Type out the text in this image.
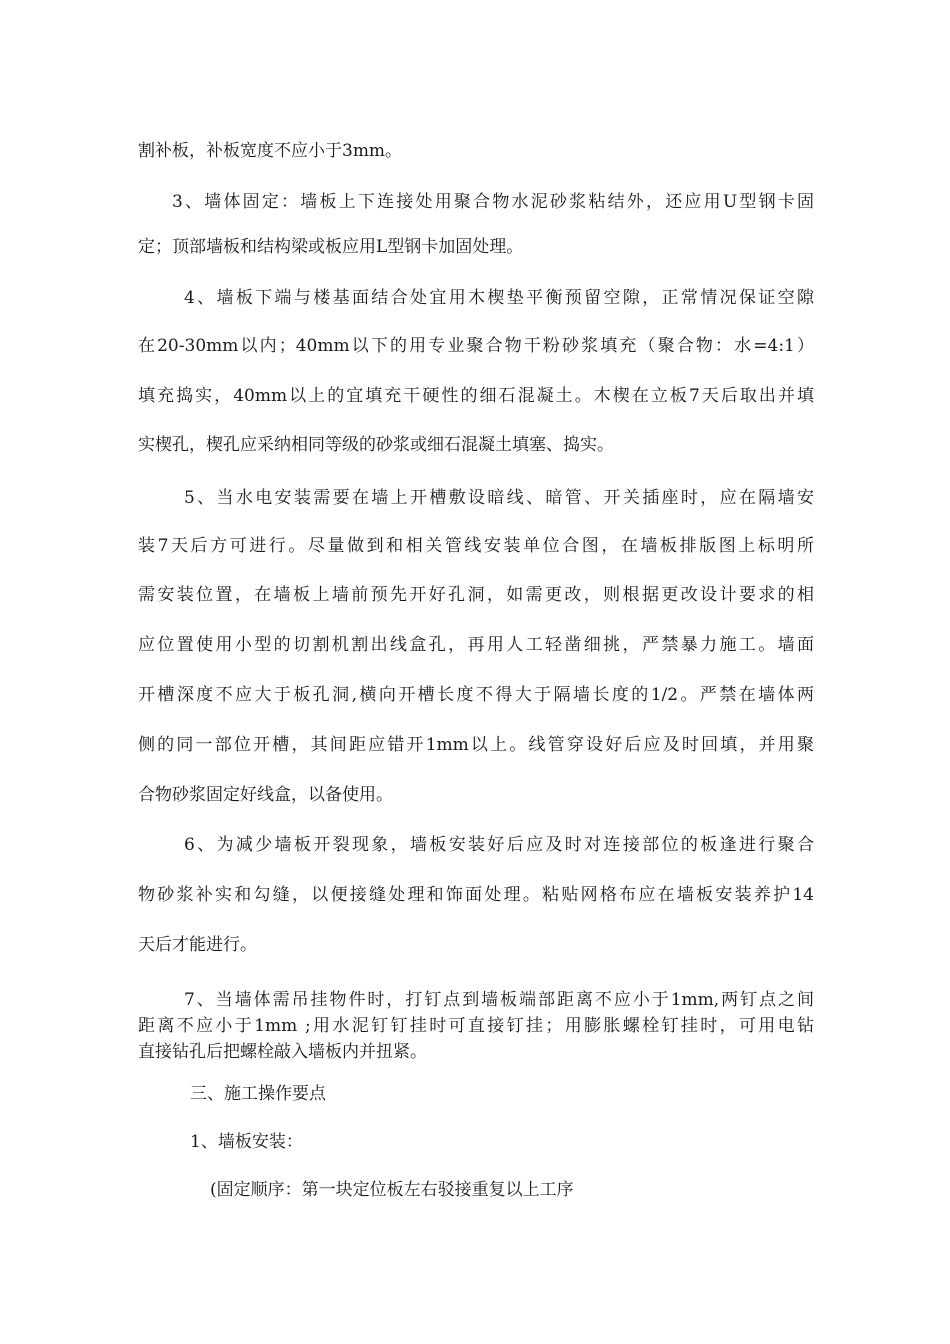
割补板，补板宽度不应小于3mm。

3、墙体固定：墙板上下连接处用聚合物水泥砂浆粘结外，还应用U型钢卡固

定；顶部墙板和结构梁或板应用L型钢卡加固处理。

4、墙板下端与楼基面结合处宜用木楔垫平衡预留空隙，正常情况保证空隙

在20-30mm以内；40mm以下的用专业聚合物干粉砂浆填充（聚合物：水=4:1）

填充捣实，40mm以上的宜填充干硬性的细石混凝土。木楔在立板7天后取出并填

实楔孔，楔孔应采纳相同等级的砂浆或细石混凝土填塞、捣实。

5、当水电安装需要在墙上开槽敷设暗线、暗管、开关插座时，应在隔墙安

装7天后方可进行。尽量做到和相关管线安装单位合图，在墙板排版图上标明所

需安装位置，在墙板上墙前预先开好孔洞，如需更改，则根据更改设计要求的相

应位置使用小型的切割机割出线盒孔，再用人工轻凿细挑，严禁暴力施工。墙面

开槽深度不应大于板孔洞,横向开槽长度不得大于隔墙长度的1/2。严禁在墙体两

侧的同一部位开槽，其间距应错开1mm以上。线管穿设好后应及时回填，并用聚

合物砂浆固定好线盒，以备使用。

6、为减少墙板开裂现象，墙板安装好后应及时对连接部位的板逢进行聚合

物砂浆补实和勾缝，以便接缝处理和饰面处理。粘贴网格布应在墙板安装养护14

天后才能进行。

7、当墙体需吊挂物件时，打钉点到墙板端部距离不应小于1mm,两钉点之间

距离不应小于1mm ;用水泥钉钉挂时可直接钉挂；用膨胀螺栓钉挂时，可用电钻

直接钻孔后把螺栓敲入墙板内并扭紧。

三、施工操作要点

1、墙板安装：

(固定顺序：第一块定位板左右驳接重复以上工序
